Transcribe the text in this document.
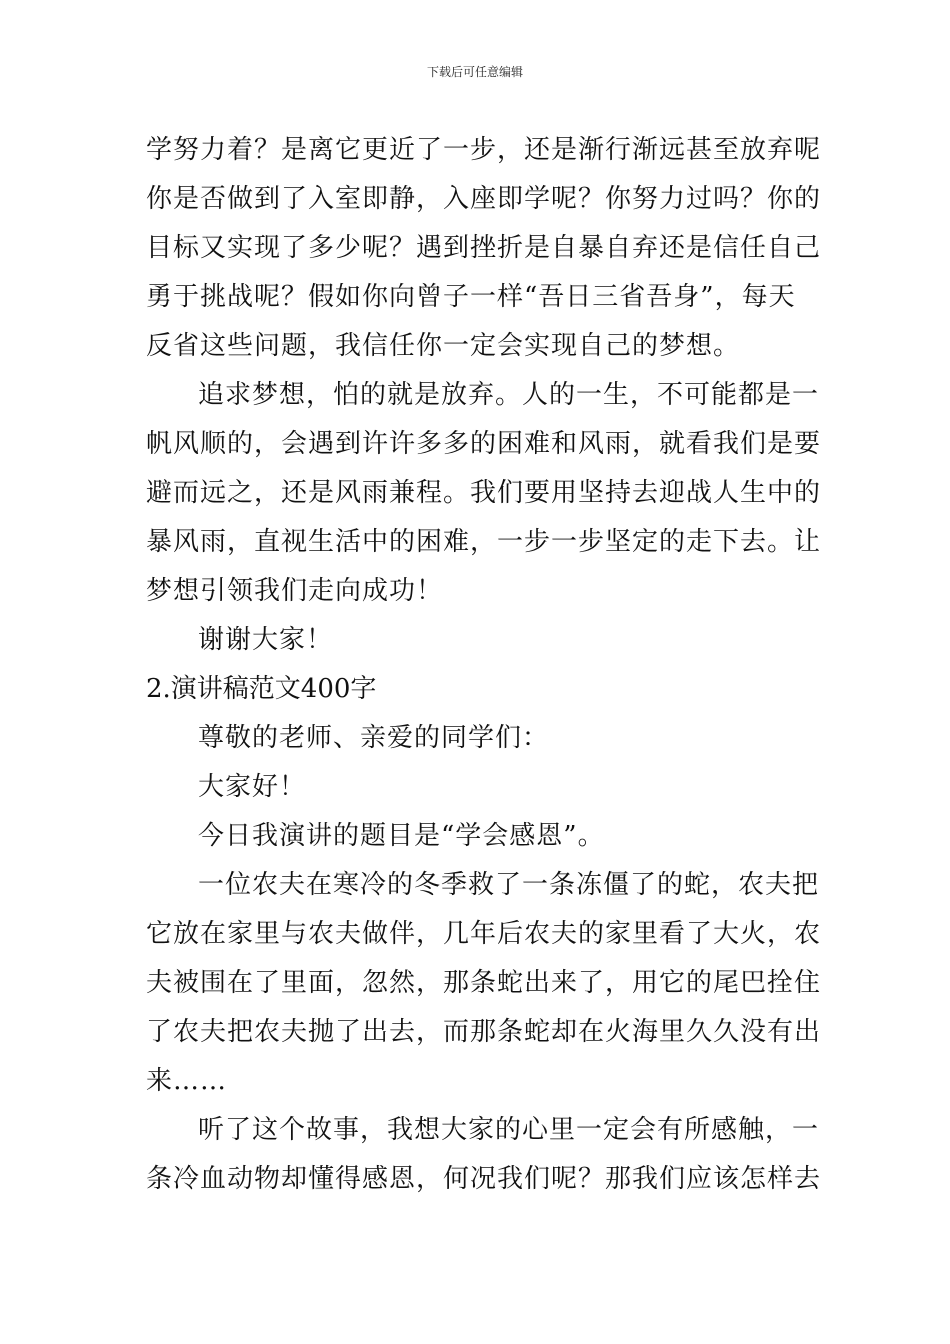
下载后可任意编辑
学努力着？是离它更近了一步，还是渐行渐远甚至放弃呢
你是否做到了入室即静，入座即学呢？你努力过吗？你的
目标又实现了多少呢？遇到挫折是自暴自弃还是信任自己
勇于挑战呢？假如你向曾子一样“吾日三省吾身”，每天
反省这些问题，我信任你一定会实现自己的梦想。
追求梦想，怕的就是放弃。人的一生，不可能都是一
帆风顺的，会遇到许许多多的困难和风雨，就看我们是要
避而远之，还是风雨兼程。我们要用坚持去迎战人生中的
暴风雨，直视生活中的困难，一步一步坚定的走下去。让
梦想引领我们走向成功！
谢谢大家！
2.演讲稿范文400字
尊敬的老师、亲爱的同学们：
大家好！
今日我演讲的题目是“学会感恩”。
一位农夫在寒冷的冬季救了一条冻僵了的蛇，农夫把
它放在家里与农夫做伴，几年后农夫的家里看了大火，农
夫被围在了里面，忽然，那条蛇出来了，用它的尾巴拴住
了农夫把农夫抛了出去，而那条蛇却在火海里久久没有出
来……
听了这个故事，我想大家的心里一定会有所感触，一
条冷血动物却懂得感恩，何况我们呢？那我们应该怎样去
